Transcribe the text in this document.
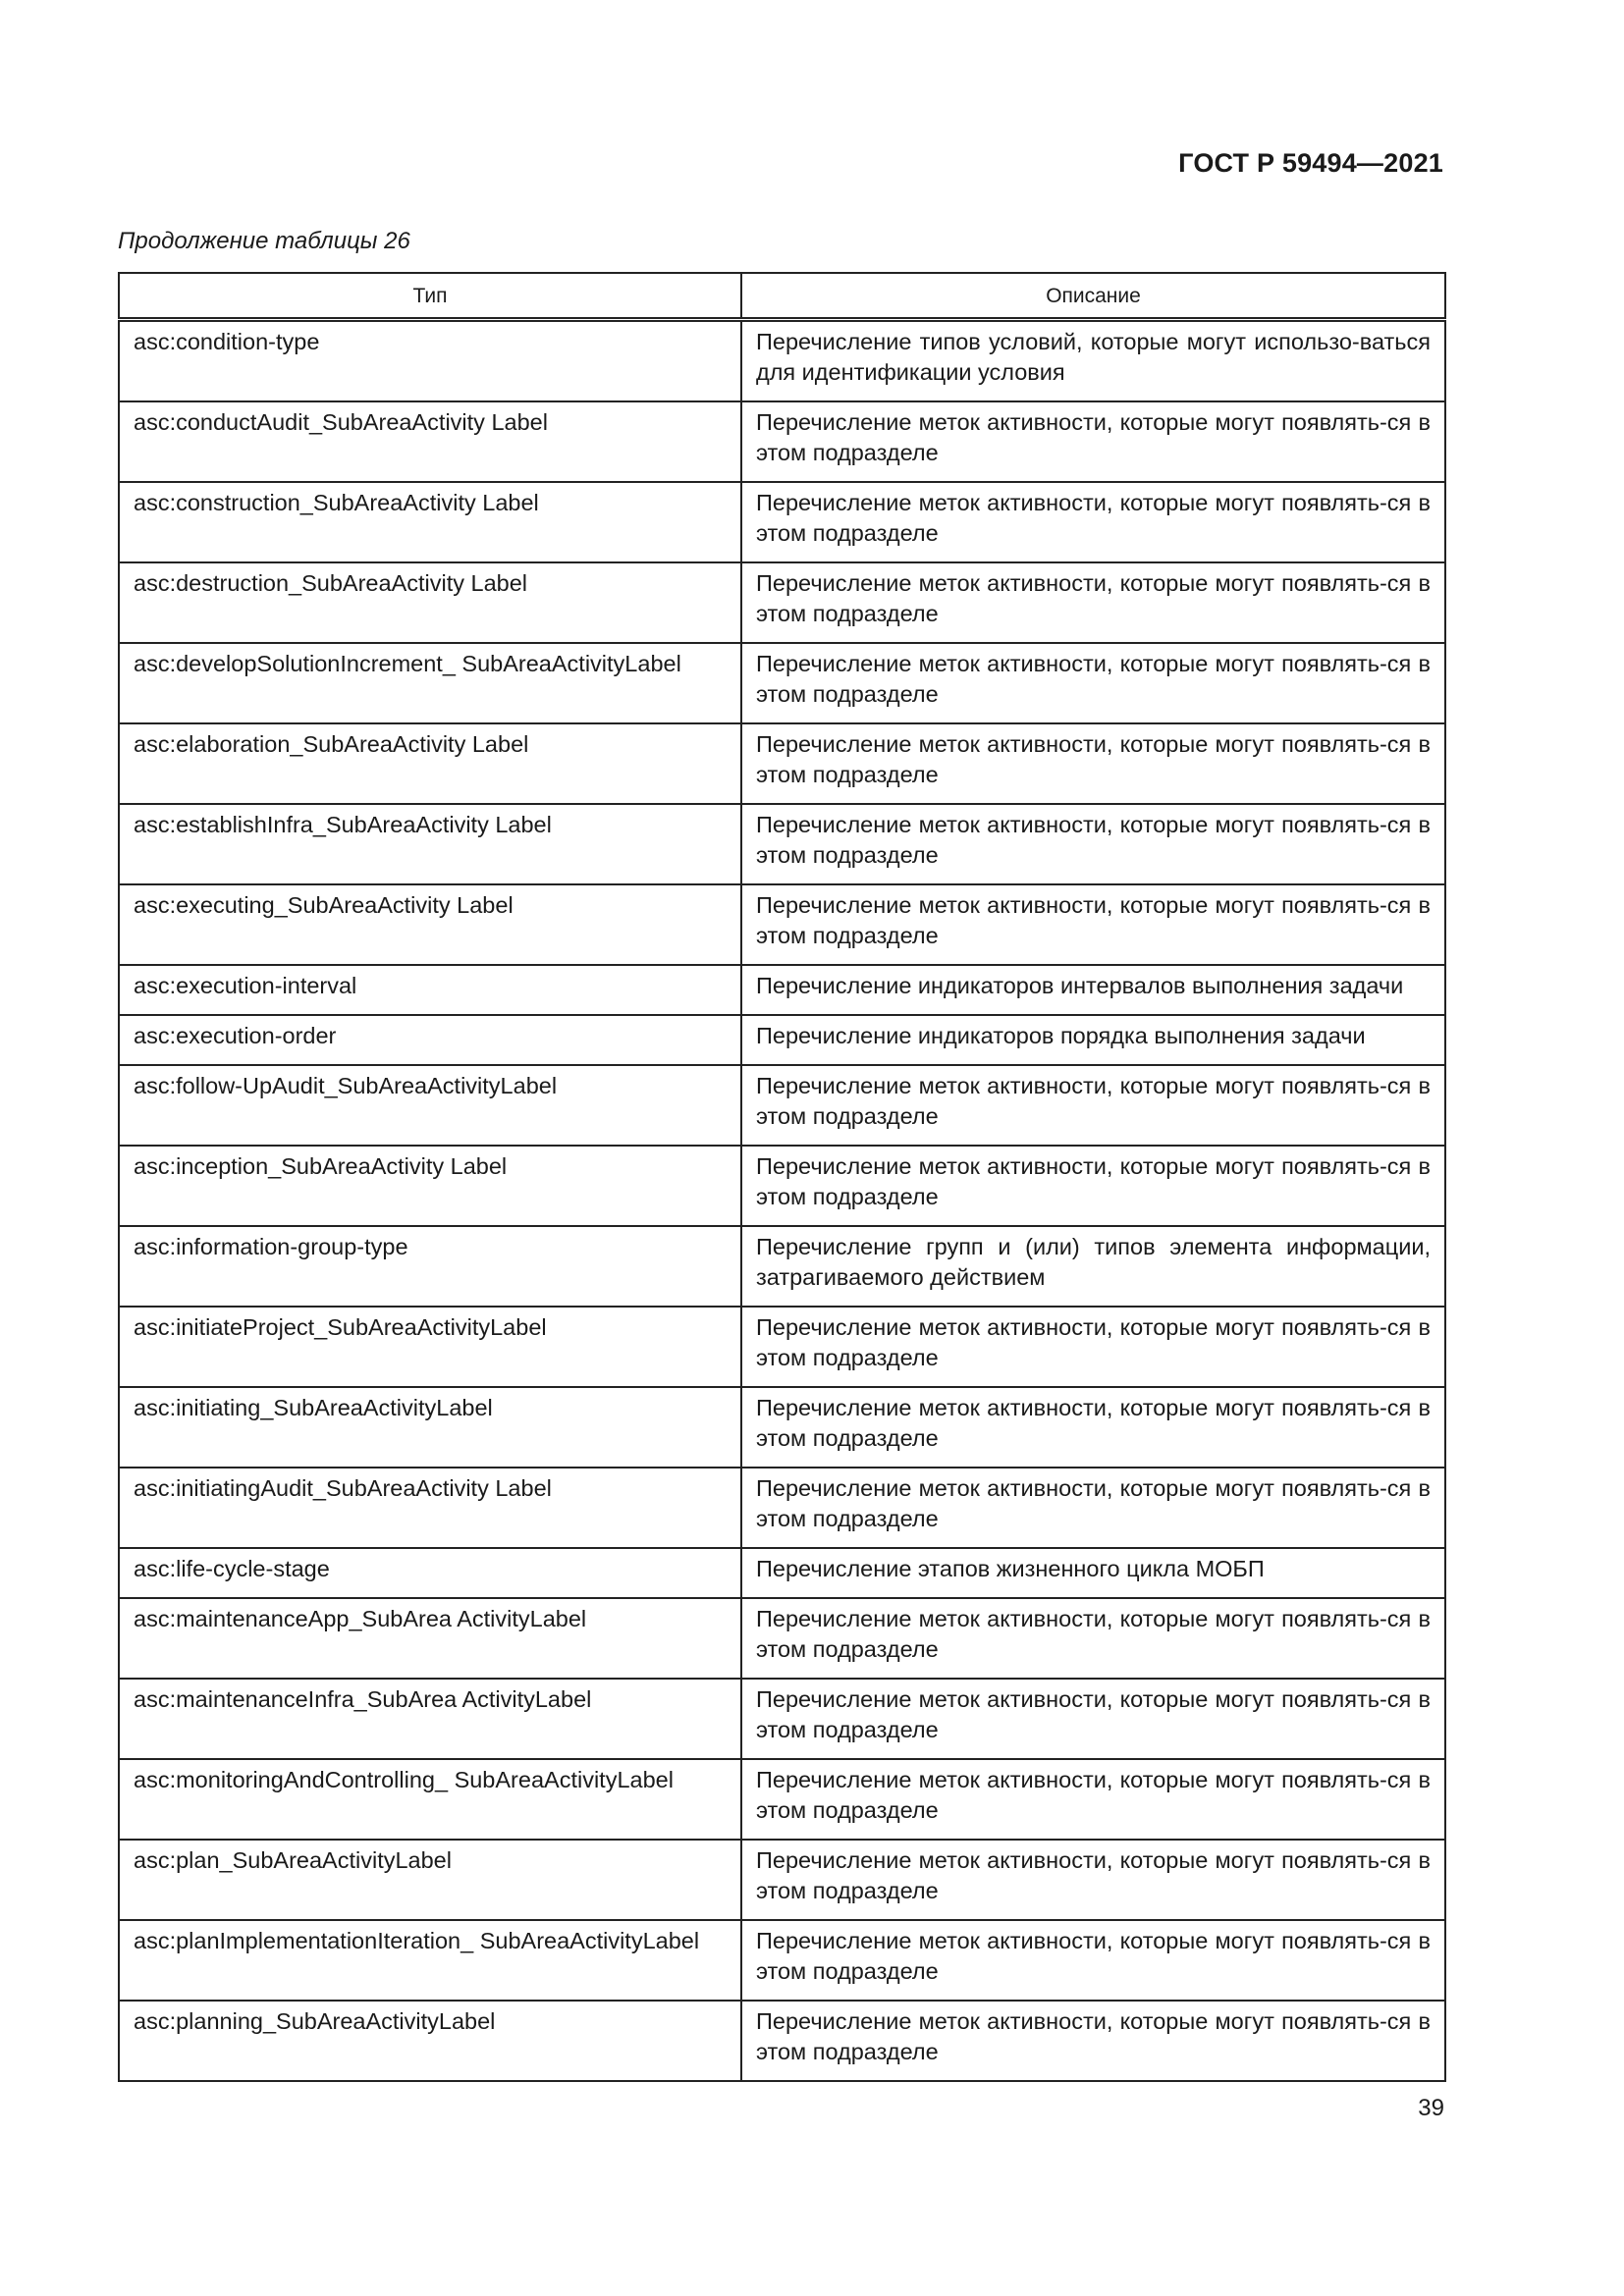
ГОСТ Р 59494—2021
Продолжение таблицы 26
Тип	Описание
asc:condition-type	Перечисление типов условий, которые могут использо-ваться для идентификации условия
asc:conductAudit_SubAreaActivity Label	Перечисление меток активности, которые могут появлять-ся в этом подразделе
asc:construction_SubAreaActivity Label	Перечисление меток активности, которые могут появлять-ся в этом подразделе
asc:destruction_SubAreaActivity Label	Перечисление меток активности, которые могут появлять-ся в этом подразделе
asc:developSolutionIncrement_ SubAreaActivityLabel	Перечисление меток активности, которые могут появлять-ся в этом подразделе
asc:elaboration_SubAreaActivity Label	Перечисление меток активности, которые могут появлять-ся в этом подразделе
asc:establishInfra_SubAreaActivity Label	Перечисление меток активности, которые могут появлять-ся в этом подразделе
asc:executing_SubAreaActivity Label	Перечисление меток активности, которые могут появлять-ся в этом подразделе
asc:execution-interval	Перечисление индикаторов интервалов выполнения задачи
asc:execution-order	Перечисление индикаторов порядка выполнения задачи
asc:follow-UpAudit_SubAreaActivityLabel	Перечисление меток активности, которые могут появлять-ся в этом подразделе
asc:inception_SubAreaActivity Label	Перечисление меток активности, которые могут появлять-ся в этом подразделе
asc:information-group-type	Перечисление групп и (или) типов элемента информации, затрагиваемого действием
asc:initiateProject_SubAreaActivityLabel	Перечисление меток активности, которые могут появлять-ся в этом подразделе
asc:initiating_SubAreaActivityLabel	Перечисление меток активности, которые могут появлять-ся в этом подразделе
asc:initiatingAudit_SubAreaActivity Label	Перечисление меток активности, которые могут появлять-ся в этом подразделе
asc:life-cycle-stage	Перечисление этапов жизненного цикла МОБП
asc:maintenanceApp_SubArea ActivityLabel	Перечисление меток активности, которые могут появлять-ся в этом подразделе
asc:maintenanceInfra_SubArea ActivityLabel	Перечисление меток активности, которые могут появлять-ся в этом подразделе
asc:monitoringAndControlling_ SubAreaActivityLabel	Перечисление меток активности, которые могут появлять-ся в этом подразделе
asc:plan_SubAreaActivityLabel	Перечисление меток активности, которые могут появлять-ся в этом подразделе
asc:planImplementationIteration_ SubAreaActivityLabel	Перечисление меток активности, которые могут появлять-ся в этом подразделе
asc:planning_SubAreaActivityLabel	Перечисление меток активности, которые могут появлять-ся в этом подразделе
39
